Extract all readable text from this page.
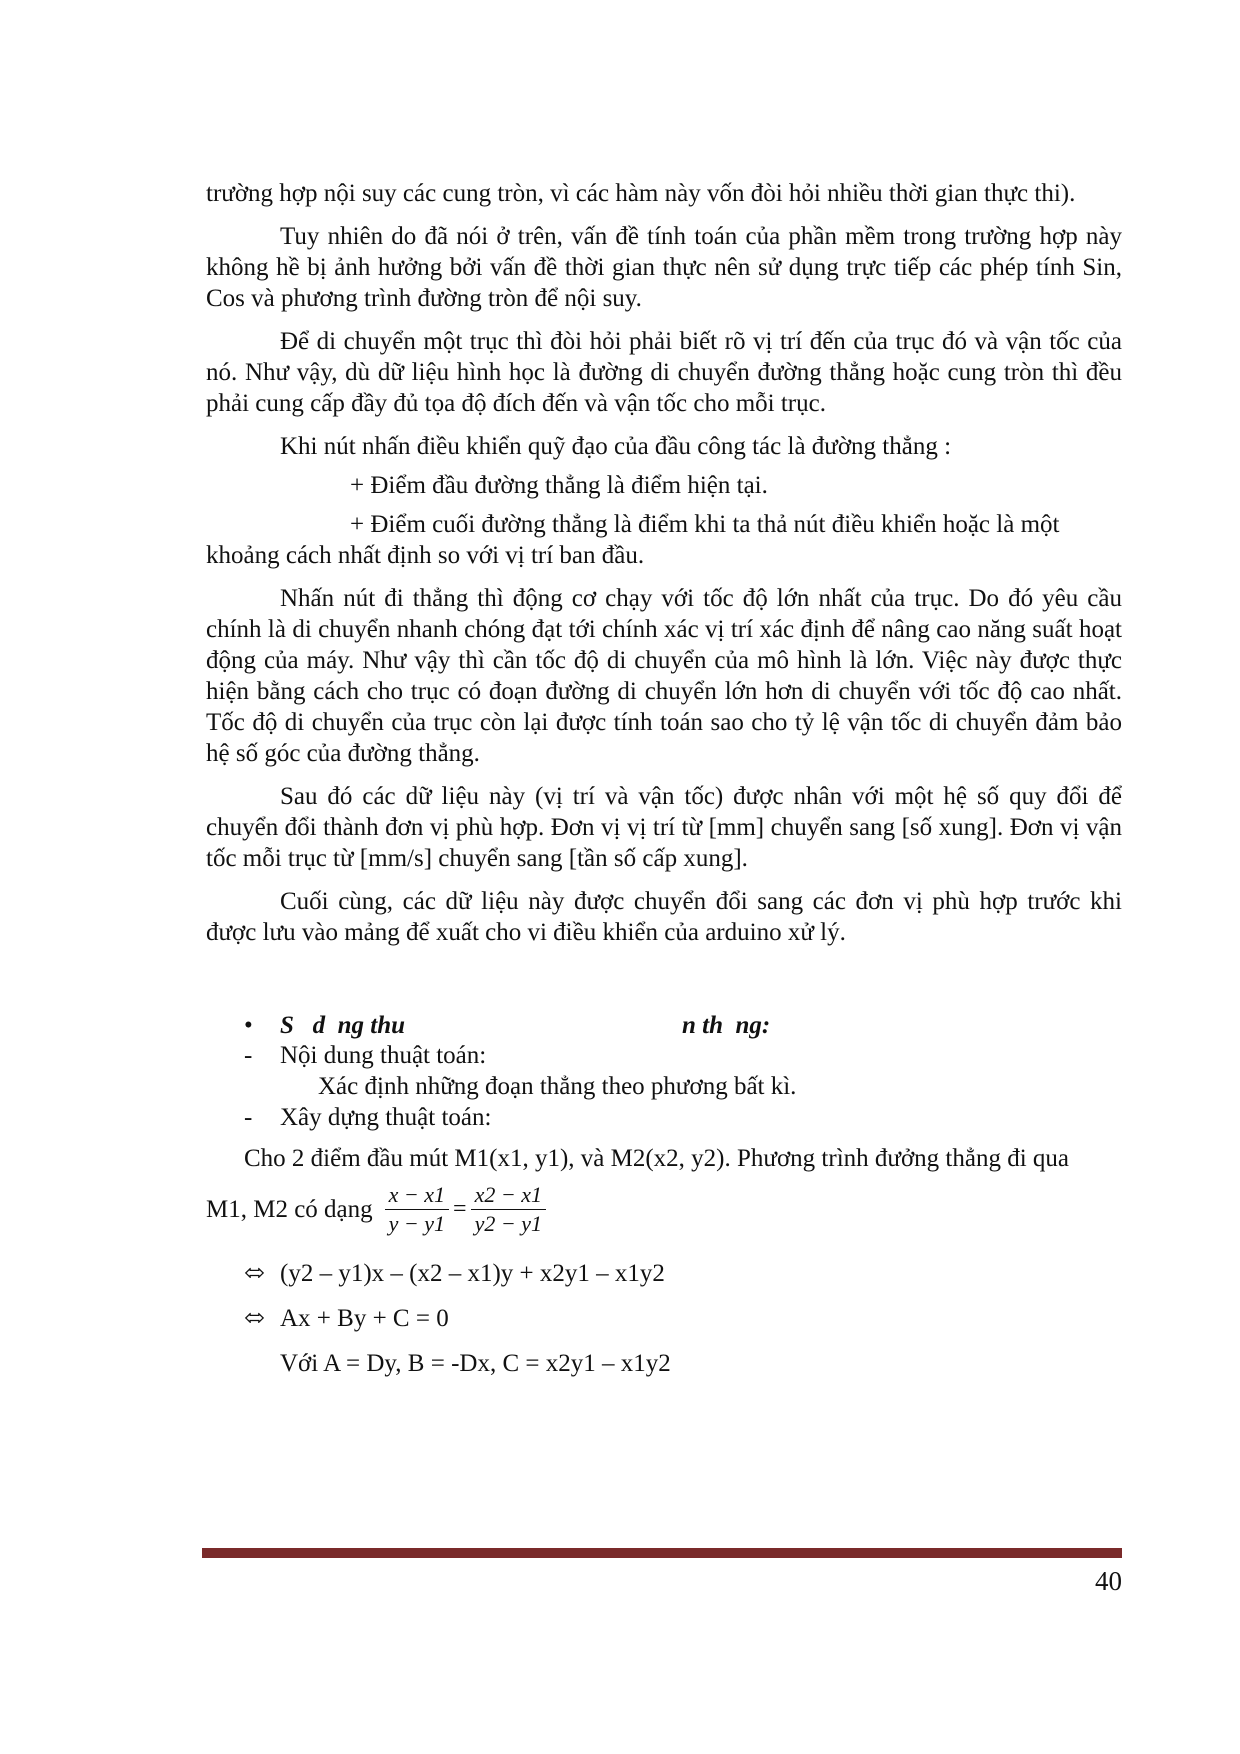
trường hợp nội suy các cung tròn, vì các hàm này vốn đòi hỏi nhiều thời gian thực thi).

Tuy nhiên do đã nói ở trên, vấn đề tính toán của phần mềm trong trường hợp này không hề bị ảnh hưởng bởi vấn đề thời gian thực nên sử dụng trực tiếp các phép tính Sin, Cos và phương trình đường tròn để nội suy.

Để di chuyển một trục thì đòi hỏi phải biết rõ vị trí đến của trục đó và vận tốc của nó. Như vậy, dù dữ liệu hình học là đường di chuyển đường thẳng hoặc cung tròn thì đều phải cung cấp đầy đủ tọa độ đích đến và vận tốc cho mỗi trục.

Khi nút nhấn điều khiển quỹ đạo của đầu công tác là đường thẳng :

+ Điểm đầu đường thẳng là điểm hiện tại.

+ Điểm cuối đường thẳng là điểm khi ta thả nút điều khiển hoặc là một

khoảng cách nhất định so với vị trí ban đầu.

Nhấn nút đi thẳng thì động cơ chạy với tốc độ lớn nhất của trục. Do đó yêu cầu chính là di chuyển nhanh chóng đạt tới chính xác vị trí xác định để nâng cao năng suất hoạt động của máy. Như vậy thì cần tốc độ di chuyển của mô hình là lớn. Việc này được thực hiện bằng cách cho trục có đoạn đường di chuyển lớn hơn di chuyển với tốc độ cao nhất. Tốc độ di chuyển của trục còn lại được tính toán sao cho tỷ lệ vận tốc di chuyển đảm bảo hệ số góc của đường thẳng.

Sau đó các dữ liệu này (vị trí và vận tốc) được nhân với một hệ số quy đổi để chuyển đổi thành đơn vị phù hợp. Đơn vị vị trí từ [mm] chuyển sang [số xung]. Đơn vị vận tốc mỗi trục từ [mm/s] chuyển sang [tần số cấp xung].

Cuối cùng, các dữ liệu này được chuyển đổi sang các đơn vị phù hợp trước khi được lưu vào mảng để xuất cho vi điều khiển của arduino xử lý.

• S   d  ng thu	n th  ng:
- Nội dung thuật toán:
Xác định những đoạn thẳng theo phương bất kì.
- Xây dựng thuật toán:
Cho 2 điểm đầu mút M1(x1, y1), và M2(x2, y2). Phương trình đưởng thẳng đi qua
M1, M2 có dạng $\frac{x - x1}{y - y1} = \frac{x2 - x1}{y2 - y1}$
⬄ (y2 – y1)x – (x2 – x1)y + x2y1 – x1y2
⬄ Ax + By + C = 0
Với A = Dy, B = -Dx, C = x2y1 – x1y2
40
